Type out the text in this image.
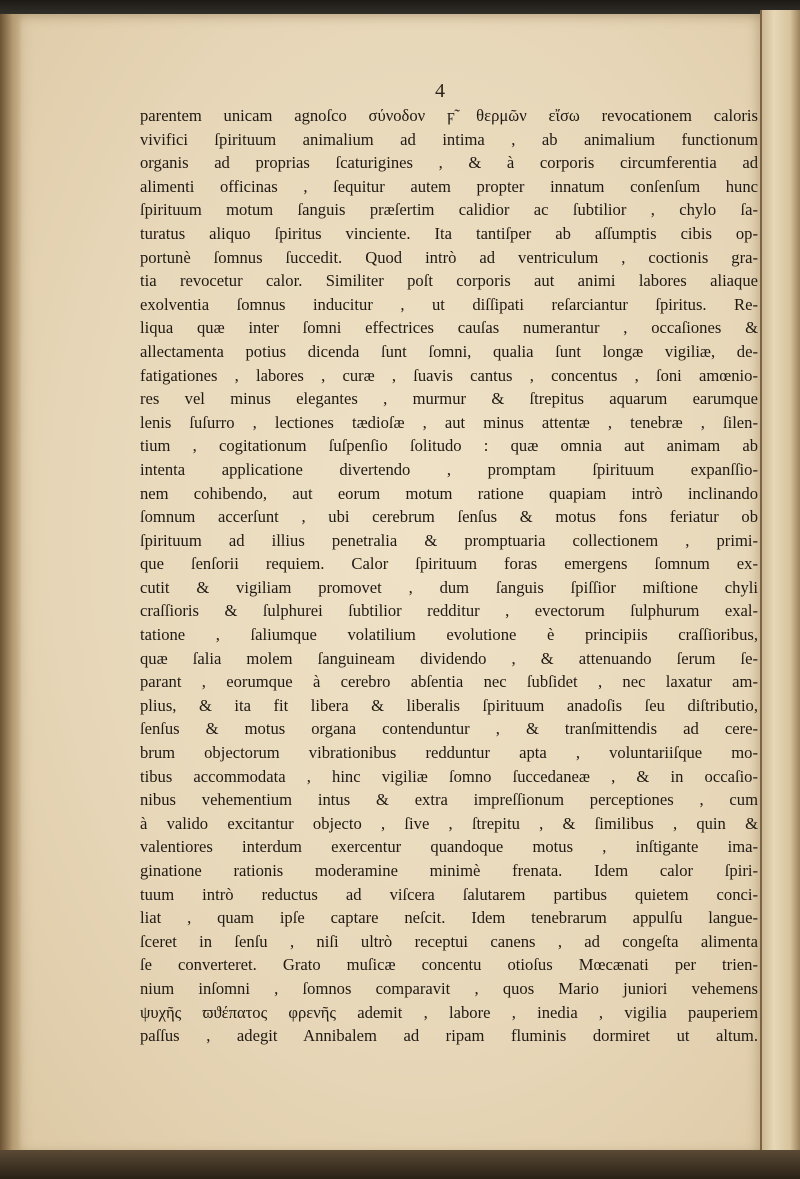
4
parentem unicam agnoſco σύνοδον ϝ̃ θερμῶν εἴσω revocationem caloris
vivifici ſpirituum animalium ad intima , ab animalium functionum
organis ad proprias ſcaturigines , & à corporis circumferentia ad
alimenti officinas , ſequitur autem propter innatum conſenſum hunc
ſpirituum motum ſanguis præſertim calidior ac ſubtilior , chylo ſa-
turatus aliquo ſpiritus vinciente. Ita tantiſper ab aſſumptis cibis op-
portunè ſomnus ſuccedit. Quod intrò ad ventriculum , coctionis gra-
tia revocetur calor. Similiter poſt corporis aut animi labores aliaque
exolventia ſomnus inducitur , ut diſſipati reſarciantur ſpiritus. Re-
liqua quæ inter ſomni effectrices cauſas numerantur , occaſiones &
allectamenta potius dicenda ſunt ſomni, qualia ſunt longæ vigiliæ, de-
fatigationes , labores , curæ , ſuavis cantus , concentus , ſoni amœnio-
res vel minus elegantes , murmur & ſtrepitus aquarum earumque
lenis ſuſurro , lectiones tædioſæ , aut minus attentæ , tenebræ , ſilen-
tium , cogitationum ſuſpenſio ſolitudo : quæ omnia aut animam ab
intenta applicatione divertendo , promptam ſpirituum expanſſio-
nem cohibendo, aut eorum motum ratione quapiam intrò inclinando
ſomnum accerſunt , ubi cerebrum ſenſus & motus fons feriatur ob
ſpirituum ad illius penetralia & promptuaria collectionem , primi-
que ſenſorii requiem. Calor ſpirituum foras emergens ſomnum ex-
cutit & vigiliam promovet , dum ſanguis ſpiſſior miſtione chyli
craſſioris & ſulphurei ſubtilior redditur , evectorum ſulphurum exal-
tatione , ſaliumque volatilium evolutione è principiis craſſioribus,
quæ ſalia molem ſanguineam dividendo , & attenuando ſerum ſe-
parant , eorumque à cerebro abſentia nec ſubſidet , nec laxatur am-
plius, & ita fit libera & liberalis ſpirituum anadoſis ſeu diſtributio,
ſenſus & motus organa contenduntur , & tranſmittendis ad cere-
brum objectorum vibrationibus redduntur apta , voluntariiſque mo-
tibus accommodata , hinc vigiliæ ſomno ſuccedaneæ , & in occaſio-
nibus vehementium intus & extra impreſſionum perceptiones , cum
à valido excitantur objecto , ſive , ſtrepitu , & ſimilibus , quin &
valentiores interdum exercentur quandoque motus , inſtigante ima-
ginatione rationis moderamine minimè frenata. Idem calor ſpiri-
tuum intrò reductus ad viſcera ſalutarem partibus quietem conci-
liat , quam ipſe captare neſcit. Idem tenebrarum appulſu langue-
ſceret in ſenſu , niſi ultrò receptui canens , ad congeſta alimenta
ſe converteret. Grato muſicæ concentu otioſus Mœcænati per trien-
nium inſomni , ſomnos comparavit , quos Mario juniori vehemens
ψυχῆς ϖϑέπατος φρενῆς ademit , labore , inedia , vigilia pauperiem
paſſus , adegit Annibalem ad ripam fluminis dormiret ut altum.
